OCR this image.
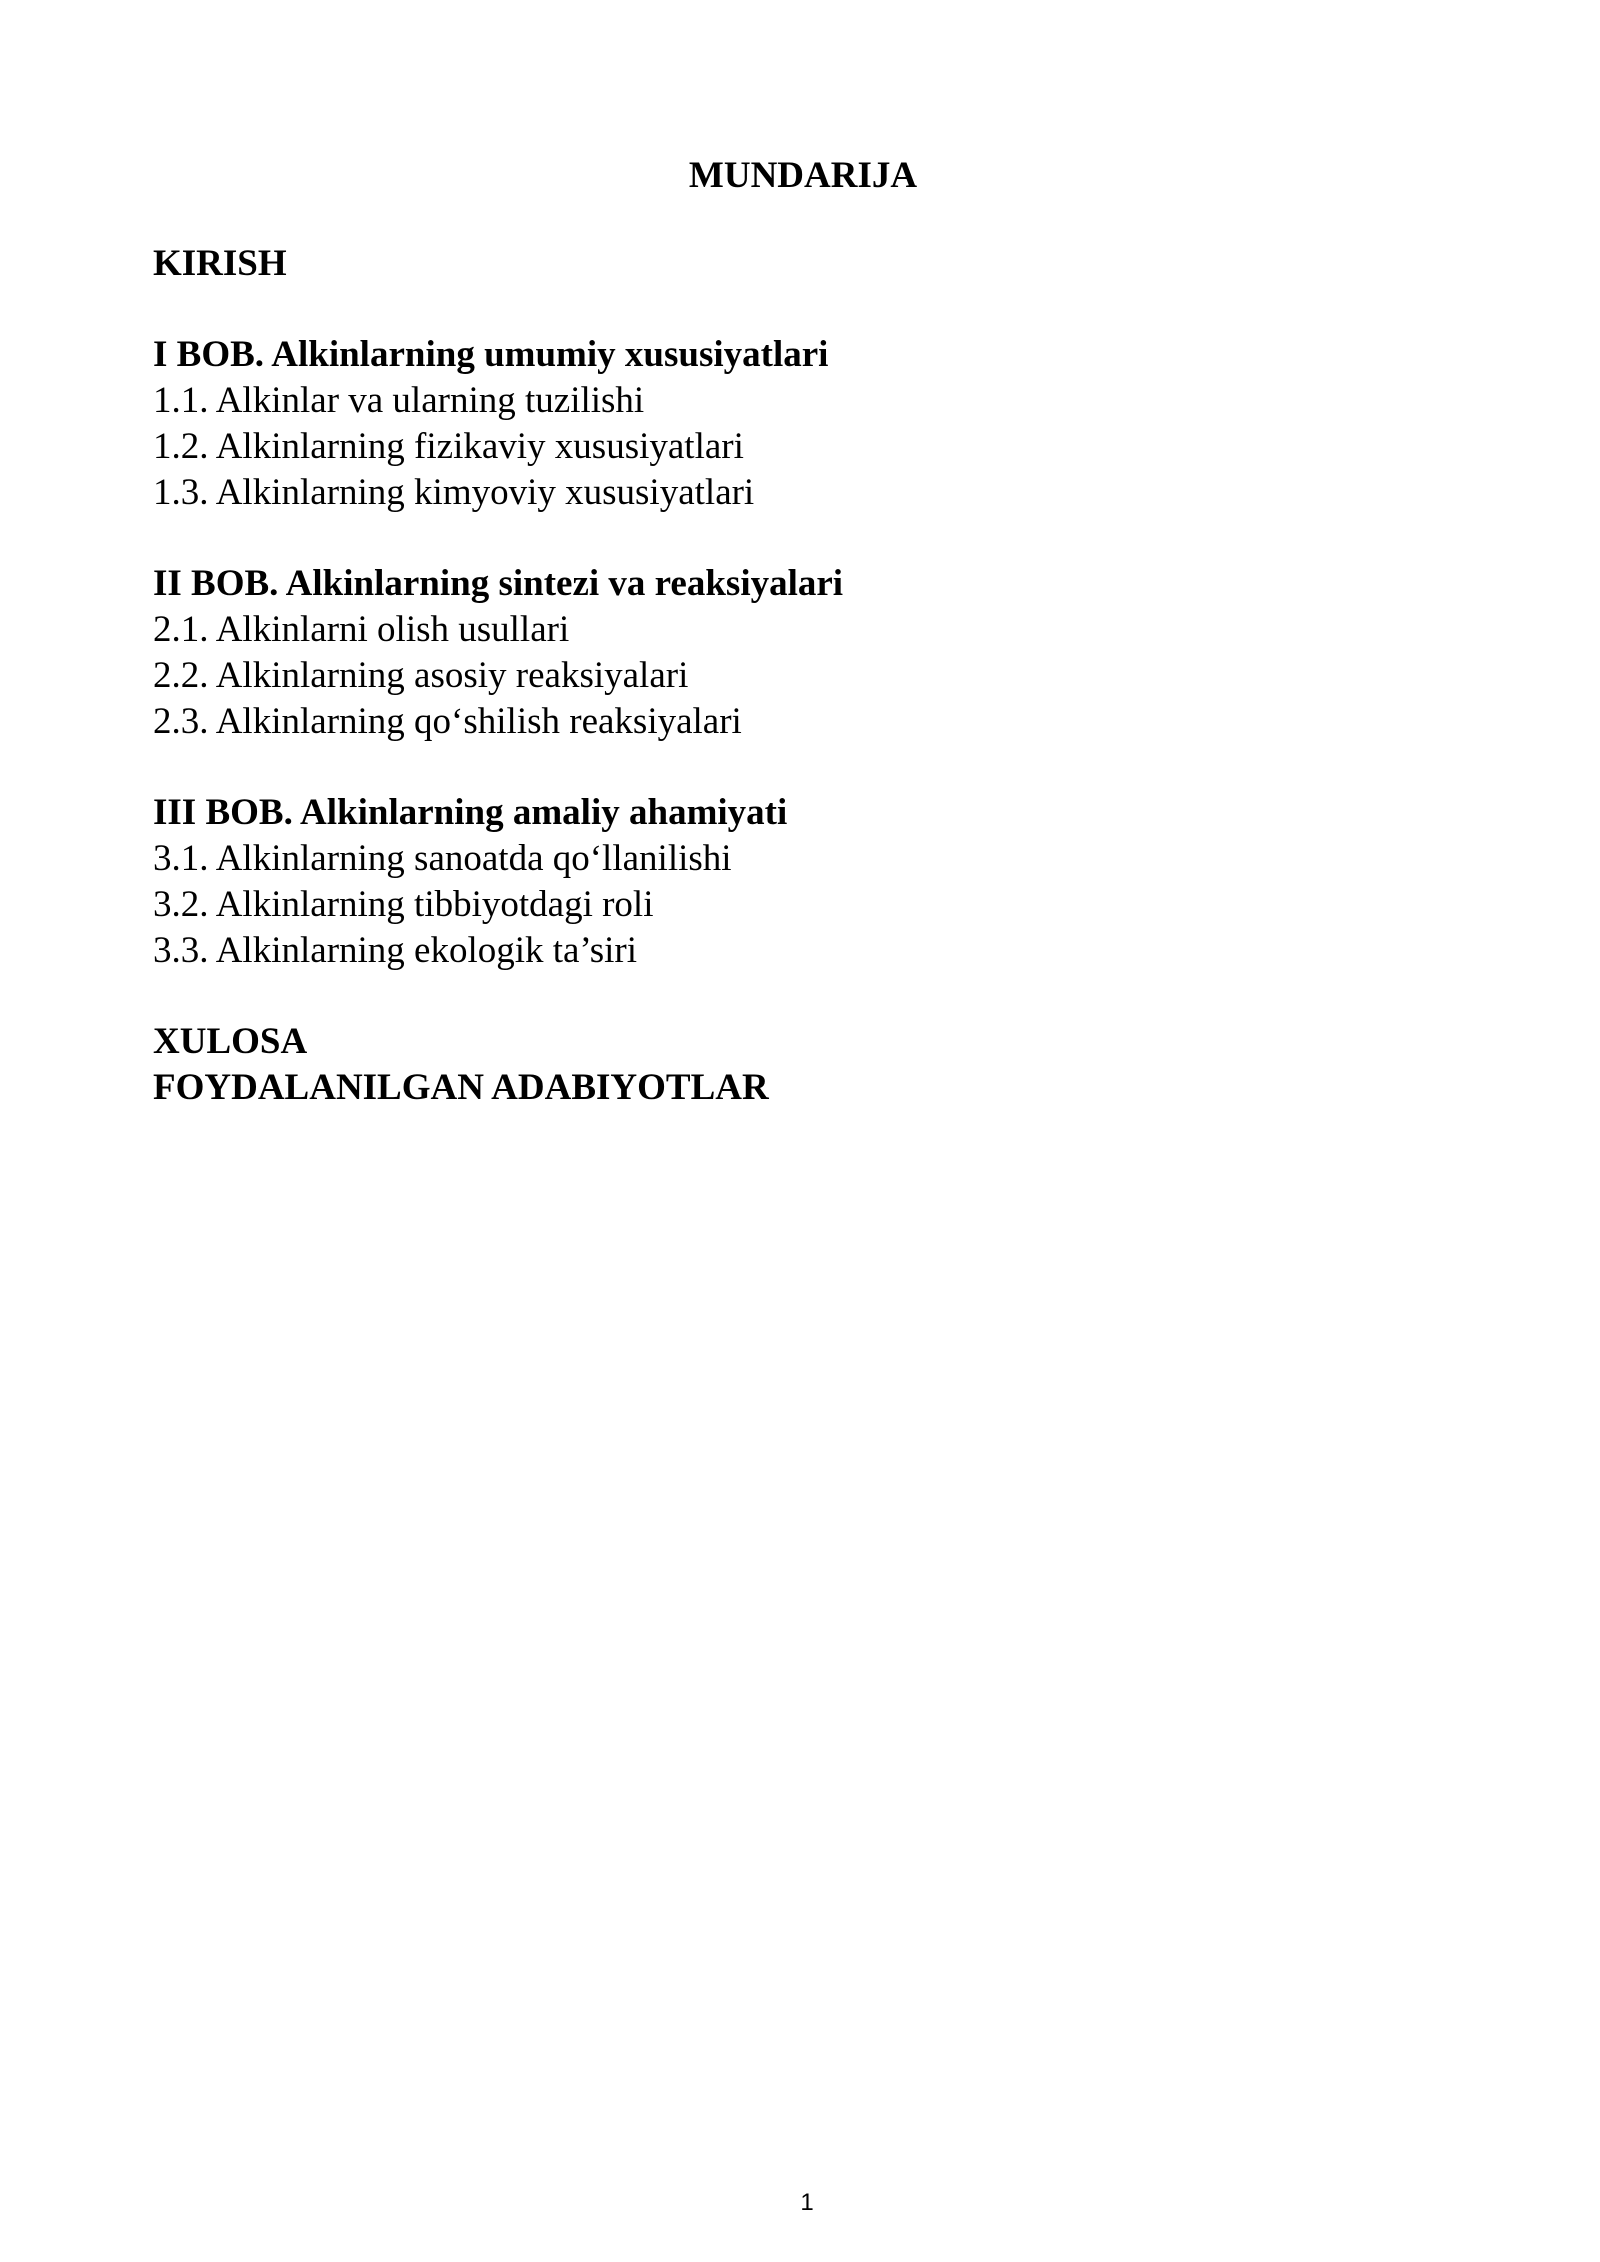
MUNDARIJA
KIRISH
I BOB. Alkinlarning umumiy xususiyatlari
1.1. Alkinlar va ularning tuzilishi
1.2. Alkinlarning fizikaviy xususiyatlari
1.3. Alkinlarning kimyoviy xususiyatlari
II BOB. Alkinlarning sintezi va reaksiyalari
2.1. Alkinlarni olish usullari
2.2. Alkinlarning asosiy reaksiyalari
2.3. Alkinlarning qo‘shilish reaksiyalari
III BOB. Alkinlarning amaliy ahamiyati
3.1. Alkinlarning sanoatda qo‘llanilishi
3.2. Alkinlarning tibbiyotdagi roli
3.3. Alkinlarning ekologik ta’siri
XULOSA
FOYDALANILGAN ADABIYOTLAR
1
